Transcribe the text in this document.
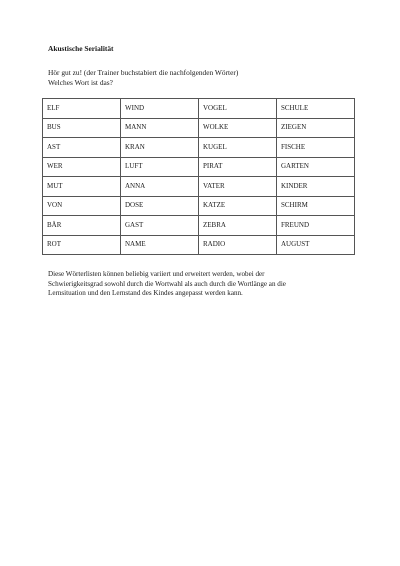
Akustische Serialität
Hör gut zu! (der Trainer buchstabiert die nachfolgenden Wörter)
Welches Wort ist das?
ELF	WIND	VOGEL	SCHULE
BUS	MANN	WOLKE	ZIEGEN
AST	KRAN	KUGEL	FISCHE
WER	LUFT	PIRAT	GARTEN
MUT	ANNA	VATER	KINDER
VON	DOSE	KATZE	SCHIRM
BÄR	GAST	ZEBRA	FREUND
ROT	NAME	RADIO	AUGUST
Diese Wörterlisten können beliebig variiert und erweitert werden, wobei der
Schwierigkeitsgrad sowohl durch die Wortwahl als auch durch die Wortlänge an die
Lernsituation und den Lernstand des Kindes angepasst werden kann.
